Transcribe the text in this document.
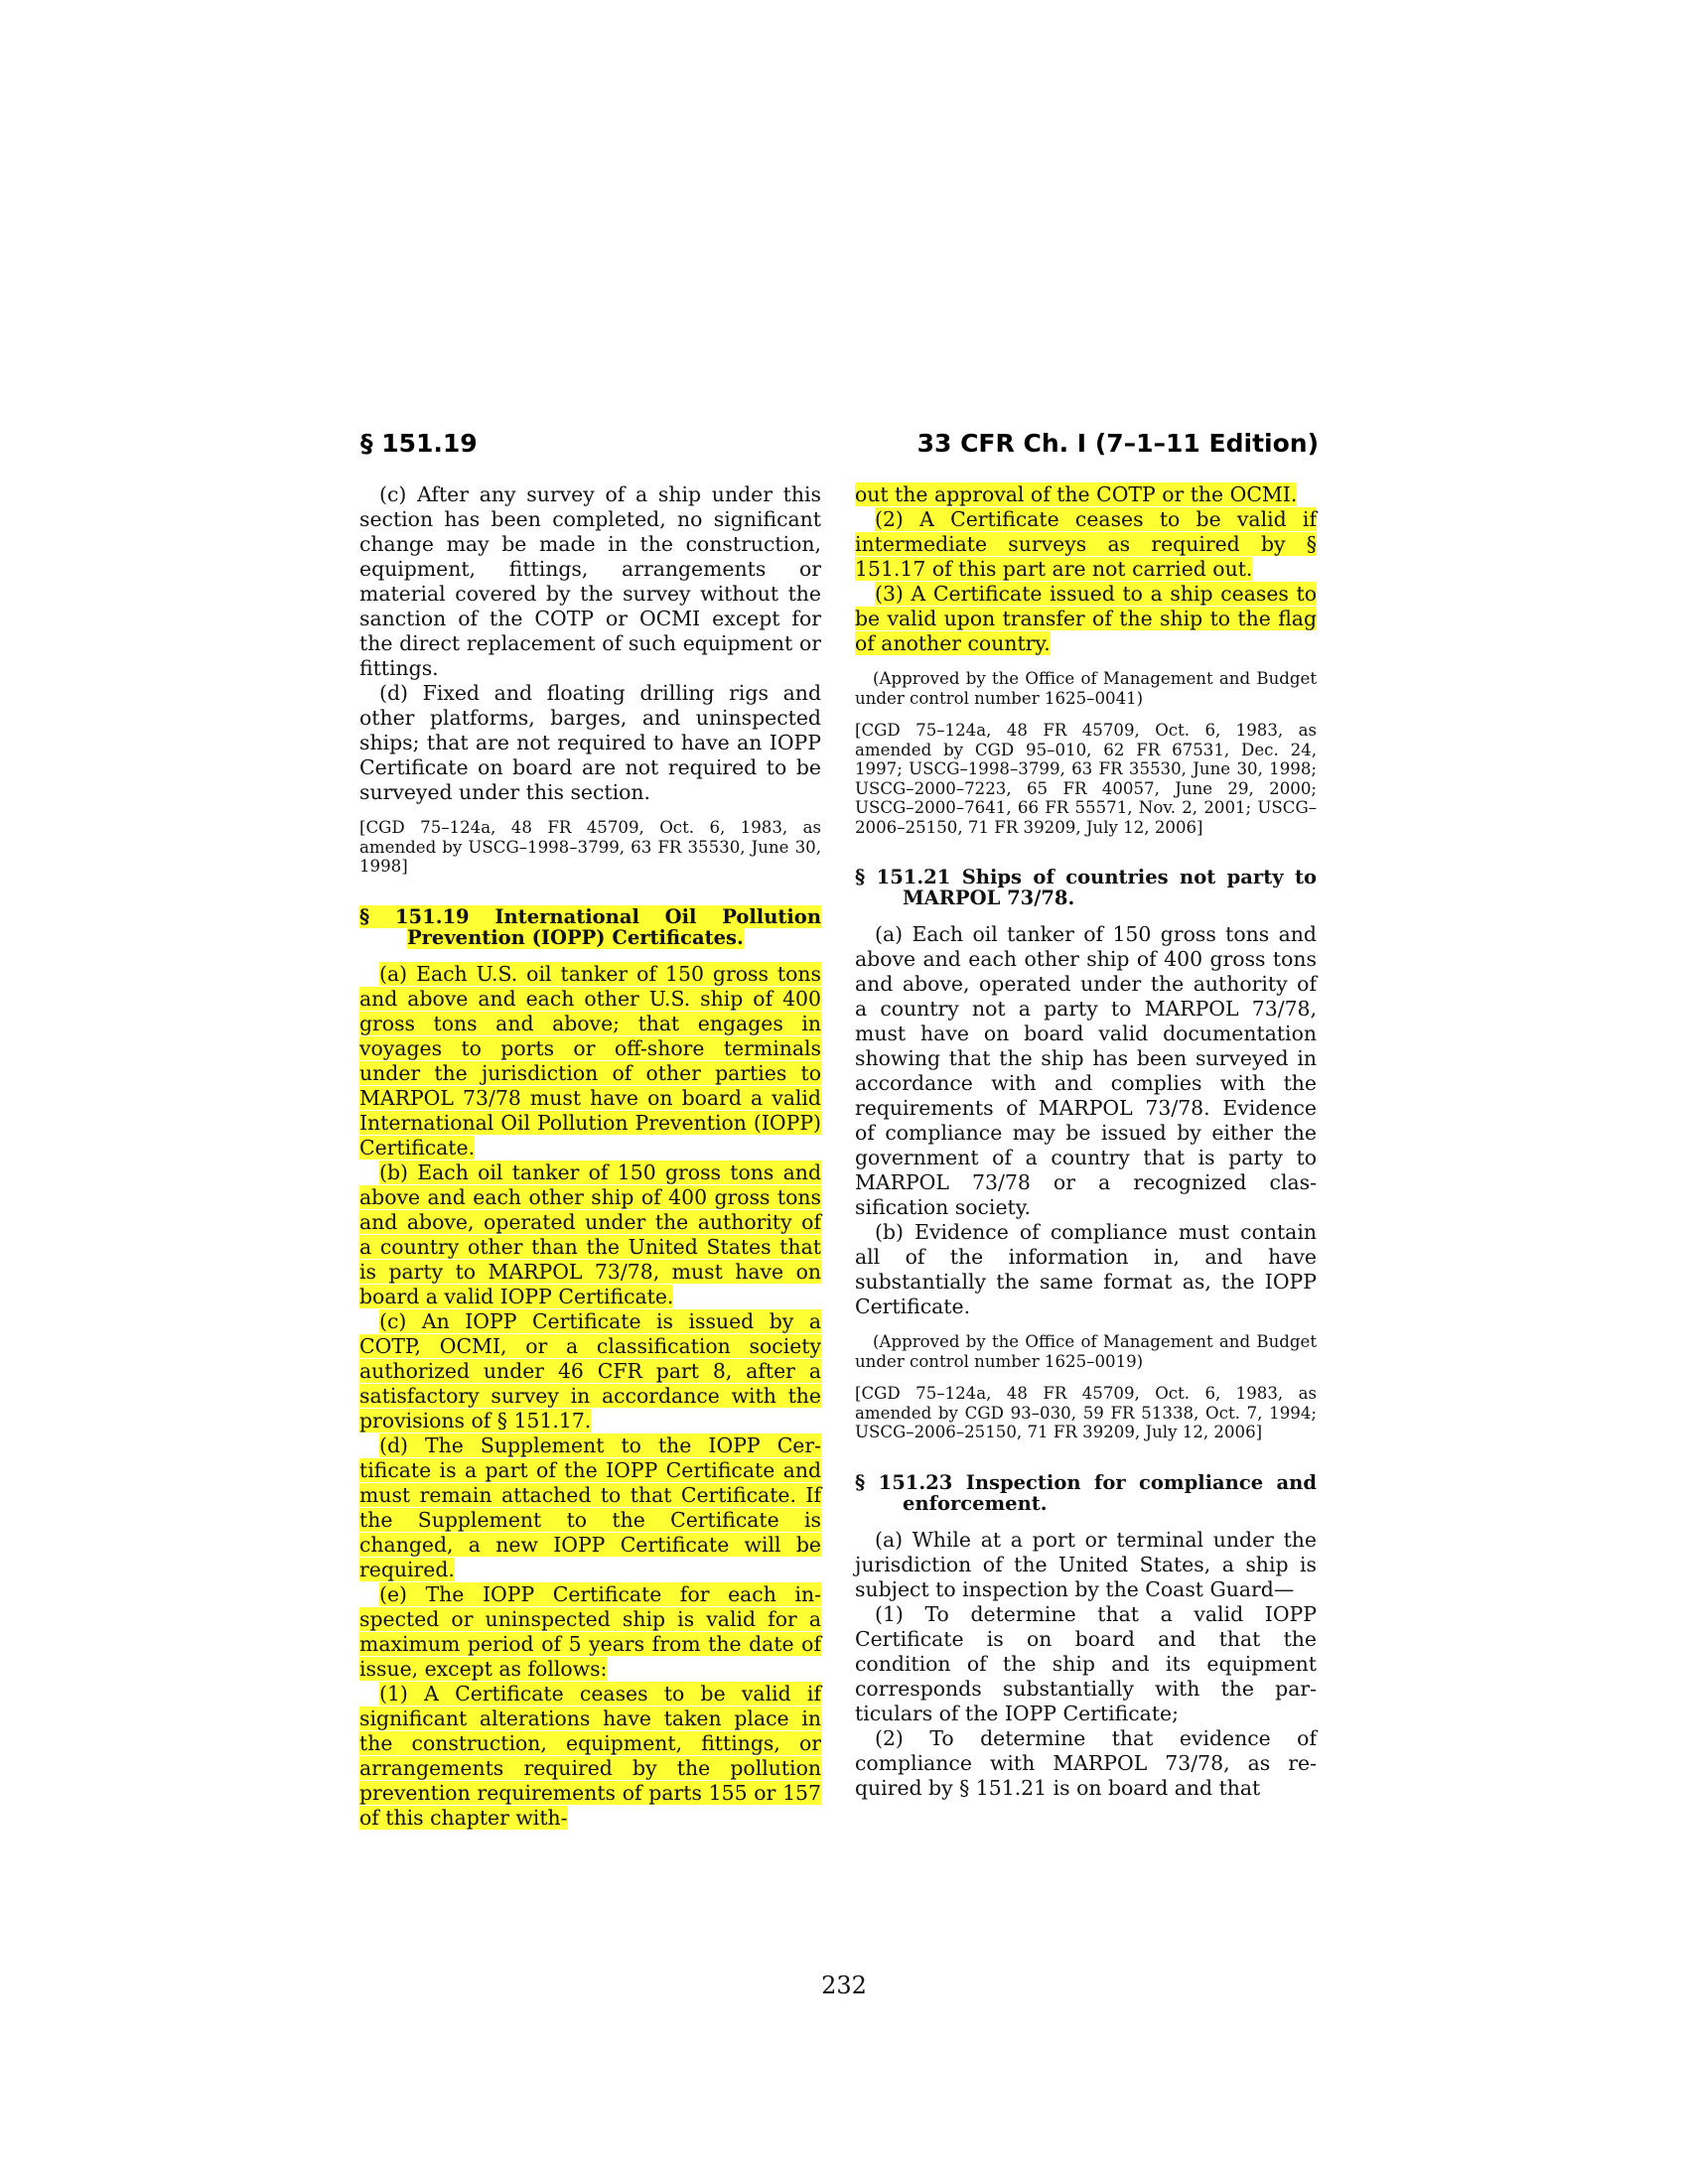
§ 151.19	33 CFR Ch. I (7–1–11 Edition)

(c) After any survey of a ship under this section has been completed, no significant change may be made in the construction, equipment, fittings, arrangements or material covered by the survey without the sanction of the COTP or OCMI except for the direct replacement of such equipment or fittings.

(d) Fixed and floating drilling rigs and other platforms, barges, and uninspected ships; that are not required to have an IOPP Certificate on board are not required to be surveyed under this section.

[CGD 75–124a, 48 FR 45709, Oct. 6, 1983, as amended by USCG–1998–3799, 63 FR 35530, June 30, 1998]

§ 151.19 International Oil Pollution Prevention (IOPP) Certificates.

(a) Each U.S. oil tanker of 150 gross tons and above and each other U.S. ship of 400 gross tons and above; that engages in voyages to ports or off-shore terminals under the jurisdiction of other parties to MARPOL 73/78 must have on board a valid International Oil Pollution Prevention (IOPP) Certificate.

(b) Each oil tanker of 150 gross tons and above and each other ship of 400 gross tons and above, operated under the authority of a country other than the United States that is party to MARPOL 73/78, must have on board a valid IOPP Certificate.

(c) An IOPP Certificate is issued by a COTP, OCMI, or a classification society authorized under 46 CFR part 8, after a satisfactory survey in accordance with the provisions of § 151.17.

(d) The Supplement to the IOPP Certificate is a part of the IOPP Certificate and must remain attached to that Certificate. If the Supplement to the Certificate is changed, a new IOPP Certificate will be required.

(e) The IOPP Certificate for each inspected or uninspected ship is valid for a maximum period of 5 years from the date of issue, except as follows:

(1) A Certificate ceases to be valid if significant alterations have taken place in the construction, equipment, fittings, or arrangements required by the pollution prevention requirements of parts 155 or 157 of this chapter with-

out the approval of the COTP or the OCMI.

(2) A Certificate ceases to be valid if intermediate surveys as required by § 151.17 of this part are not carried out.

(3) A Certificate issued to a ship ceases to be valid upon transfer of the ship to the flag of another country.

(Approved by the Office of Management and Budget under control number 1625–0041)

[CGD 75–124a, 48 FR 45709, Oct. 6, 1983, as amended by CGD 95–010, 62 FR 67531, Dec. 24, 1997; USCG–1998–3799, 63 FR 35530, June 30, 1998; USCG–2000–7223, 65 FR 40057, June 29, 2000; USCG–2000–7641, 66 FR 55571, Nov. 2, 2001; USCG–2006–25150, 71 FR 39209, July 12, 2006]

§ 151.21 Ships of countries not party to MARPOL 73/78.

(a) Each oil tanker of 150 gross tons and above and each other ship of 400 gross tons and above, operated under the authority of a country not a party to MARPOL 73/78, must have on board valid documentation showing that the ship has been surveyed in accordance with and complies with the requirements of MARPOL 73/78. Evidence of compliance may be issued by either the government of a country that is party to MARPOL 73/78 or a recognized classification society.

(b) Evidence of compliance must contain all of the information in, and have substantially the same format as, the IOPP Certificate.

(Approved by the Office of Management and Budget under control number 1625–0019)

[CGD 75–124a, 48 FR 45709, Oct. 6, 1983, as amended by CGD 93–030, 59 FR 51338, Oct. 7, 1994; USCG–2006–25150, 71 FR 39209, July 12, 2006]

§ 151.23 Inspection for compliance and enforcement.

(a) While at a port or terminal under the jurisdiction of the United States, a ship is subject to inspection by the Coast Guard—

(1) To determine that a valid IOPP Certificate is on board and that the condition of the ship and its equipment corresponds substantially with the particulars of the IOPP Certificate;

(2) To determine that evidence of compliance with MARPOL 73/78, as required by § 151.21 is on board and that

232
